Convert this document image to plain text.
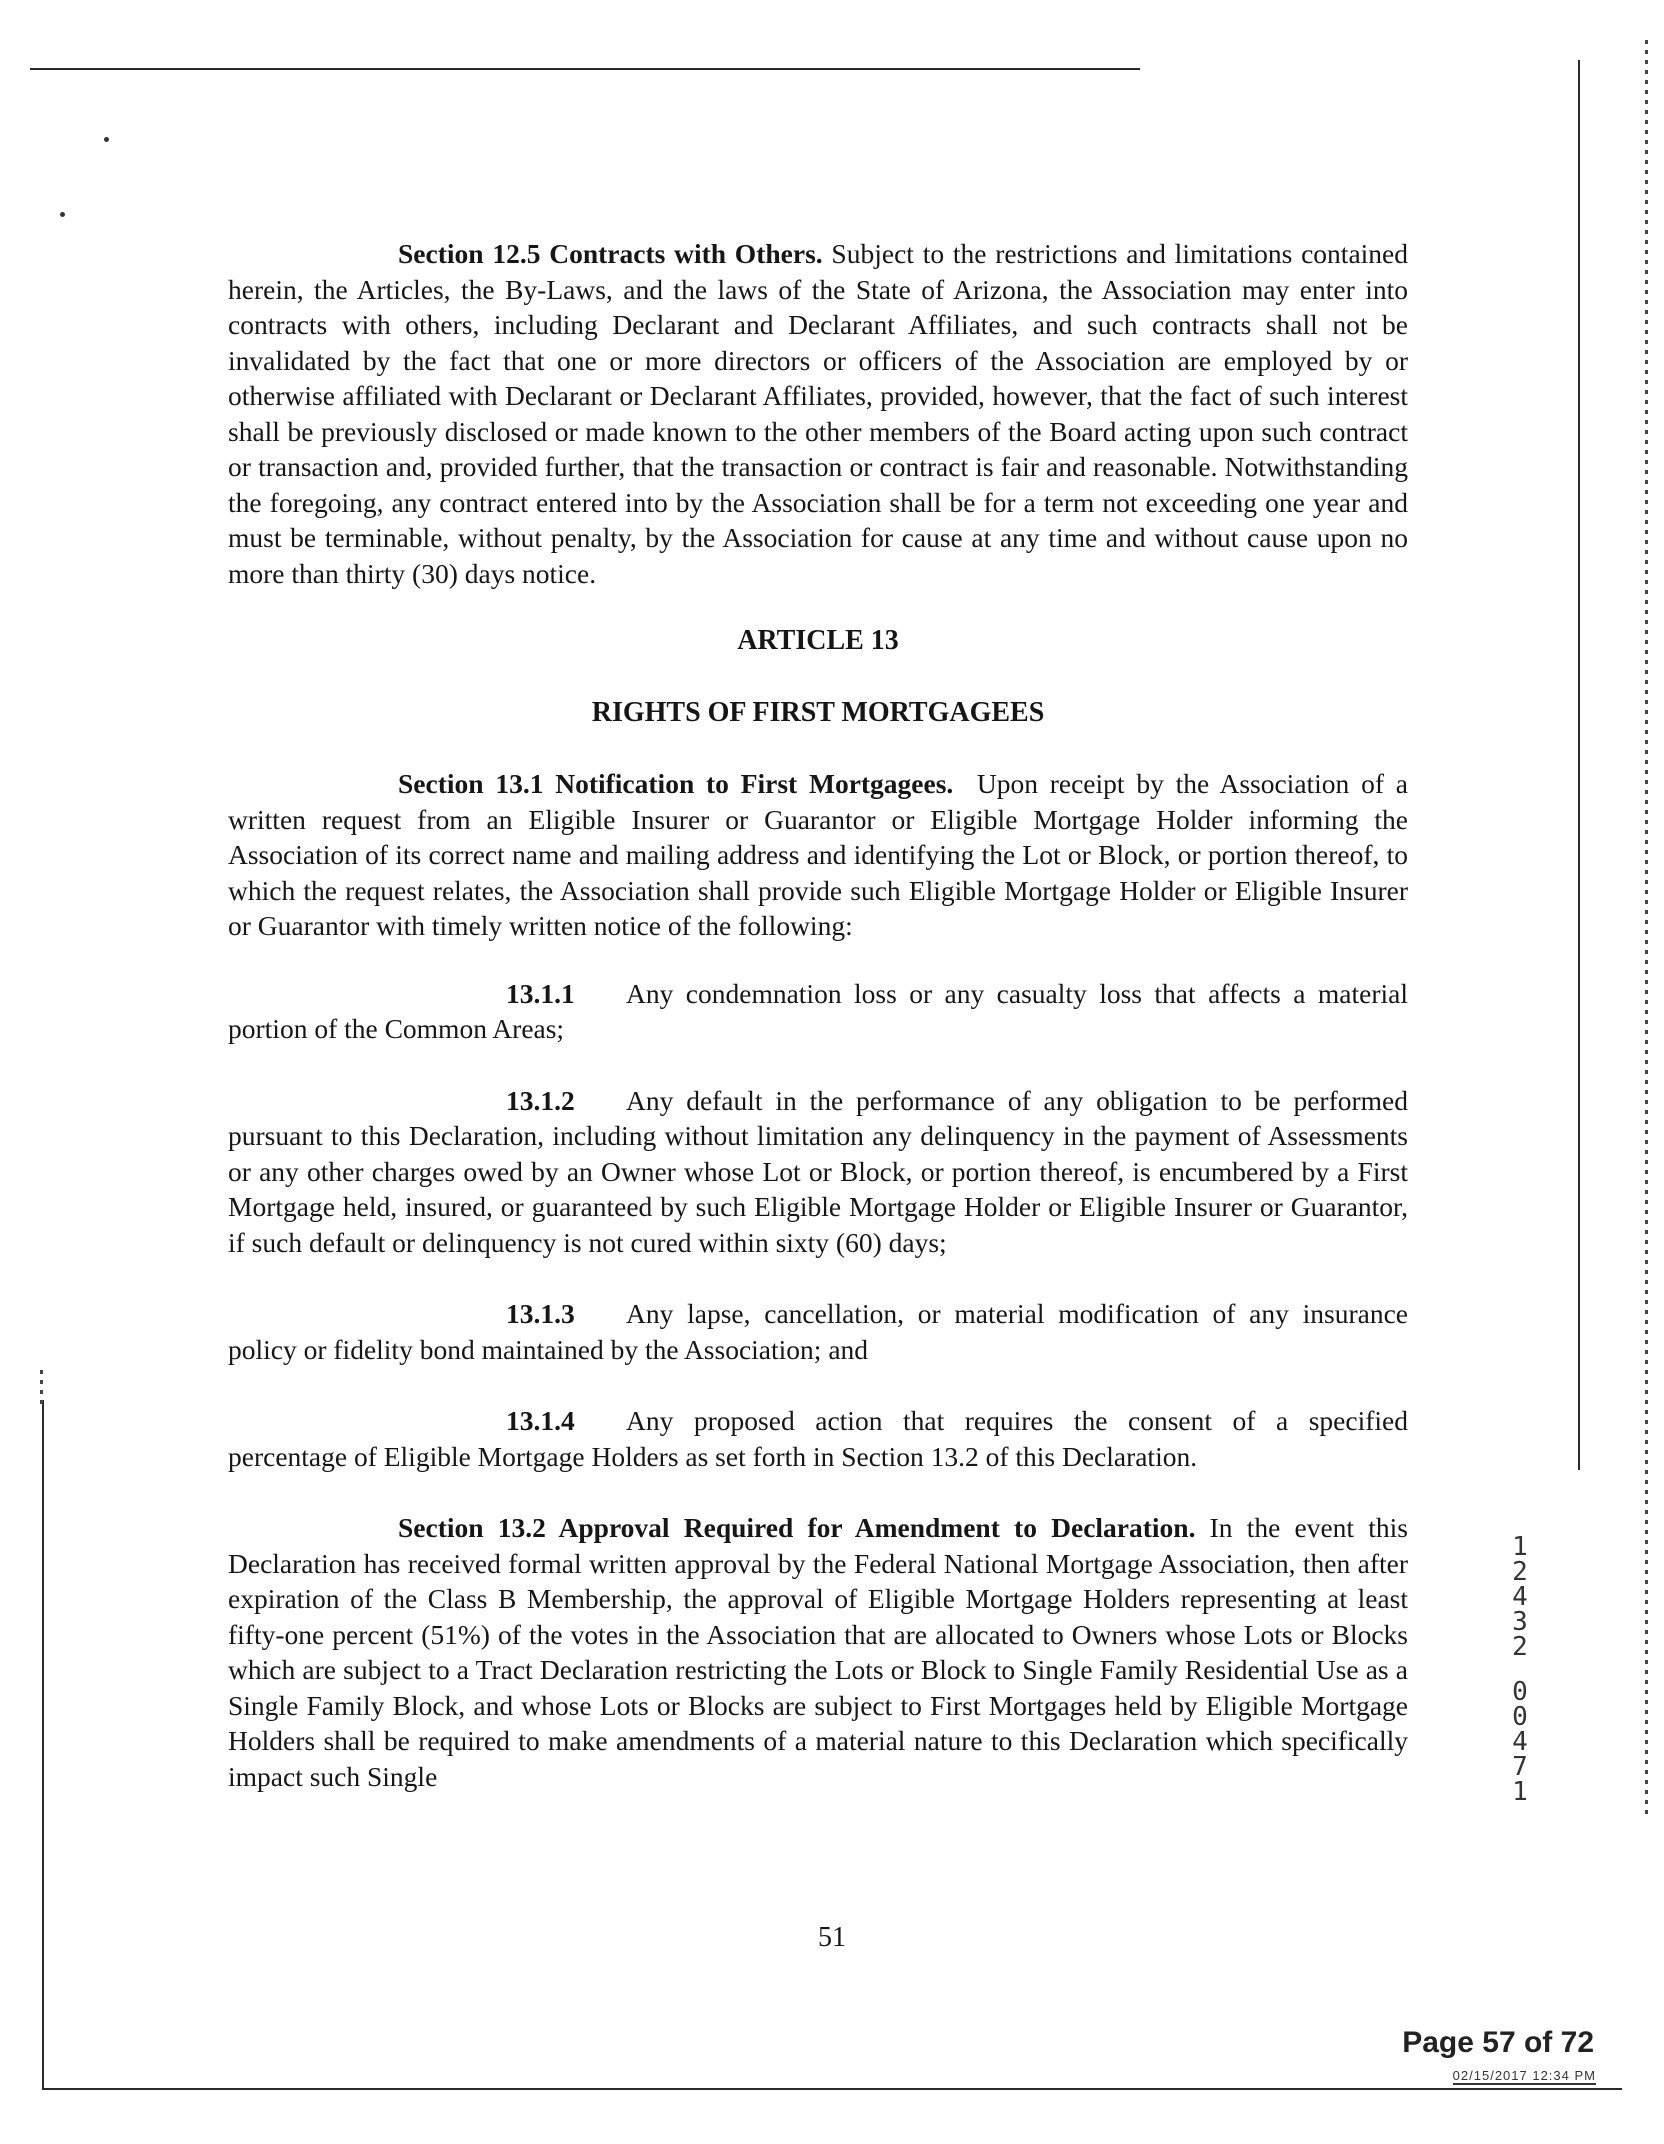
Section 12.5 Contracts with Others. Subject to the restrictions and limitations contained herein, the Articles, the By-Laws, and the laws of the State of Arizona, the Association may enter into contracts with others, including Declarant and Declarant Affiliates, and such contracts shall not be invalidated by the fact that one or more directors or officers of the Association are employed by or otherwise affiliated with Declarant or Declarant Affiliates, provided, however, that the fact of such interest shall be previously disclosed or made known to the other members of the Board acting upon such contract or transaction and, provided further, that the transaction or contract is fair and reasonable. Notwithstanding the foregoing, any contract entered into by the Association shall be for a term not exceeding one year and must be terminable, without penalty, by the Association for cause at any time and without cause upon no more than thirty (30) days notice.

ARTICLE 13
RIGHTS OF FIRST MORTGAGEES

Section 13.1 Notification to First Mortgagees.  Upon receipt by the Association of a written request from an Eligible Insurer or Guarantor or Eligible Mortgage Holder informing the Association of its correct name and mailing address and identifying the Lot or Block, or portion thereof, to which the request relates, the Association shall provide such Eligible Mortgage Holder or Eligible Insurer or Guarantor with timely written notice of the following:

13.1.1 Any condemnation loss or any casualty loss that affects a material portion of the Common Areas;

13.1.2 Any default in the performance of any obligation to be performed pursuant to this Declaration, including without limitation any delinquency in the payment of Assessments or any other charges owed by an Owner whose Lot or Block, or portion thereof, is encumbered by a First Mortgage held, insured, or guaranteed by such Eligible Mortgage Holder or Eligible Insurer or Guarantor, if such default or delinquency is not cured within sixty (60) days;

13.1.3 Any lapse, cancellation, or material modification of any insurance policy or fidelity bond maintained by the Association; and

13.1.4 Any proposed action that requires the consent of a specified percentage of Eligible Mortgage Holders as set forth in Section 13.2 of this Declaration.

Section 13.2 Approval Required for Amendment to Declaration. In the event this Declaration has received formal written approval by the Federal National Mortgage Association, then after expiration of the Class B Membership, the approval of Eligible Mortgage Holders representing at least fifty-one percent (51%) of the votes in the Association that are allocated to Owners whose Lots or Blocks which are subject to a Tract Declaration restricting the Lots or Block to Single Family Residential Use as a Single Family Block, and whose Lots or Blocks are subject to First Mortgages held by Eligible Mortgage Holders shall be required to make amendments of a material nature to this Declaration which specifically impact such Single

51
1
2
4
3
2
0
0
4
7
1
Page 57 of 72
02/15/2017 12:34 PM
